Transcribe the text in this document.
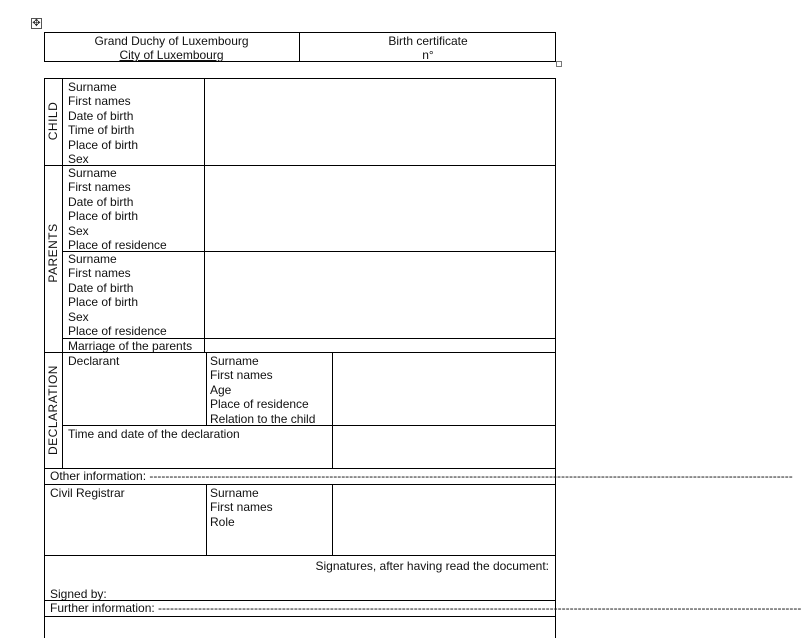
✥
Grand Duchy of Luxembourg
City of Luxembourg
Birth certificate
n°
CHILD
Surname
First names
Date of birth
Time of birth
Place of birth
Sex
PARENTS
Surname
First names
Date of birth
Place of birth
Sex
Place of residence
Surname
First names
Date of birth
Place of birth
Sex
Place of residence
Marriage of the parents
DECLARATION
Declarant	Surname
First names
Age
Place of residence
Relation to the child
Time and date of the declaration
Other information: -----------------------------------------------------------------------------------------------------------------------------------------------------------------
Civil Registrar	Surname
First names
Role
Signatures, after having read the document:
Signed by:
Further information: -----------------------------------------------------------------------------------------------------------------------------------------------------------------
